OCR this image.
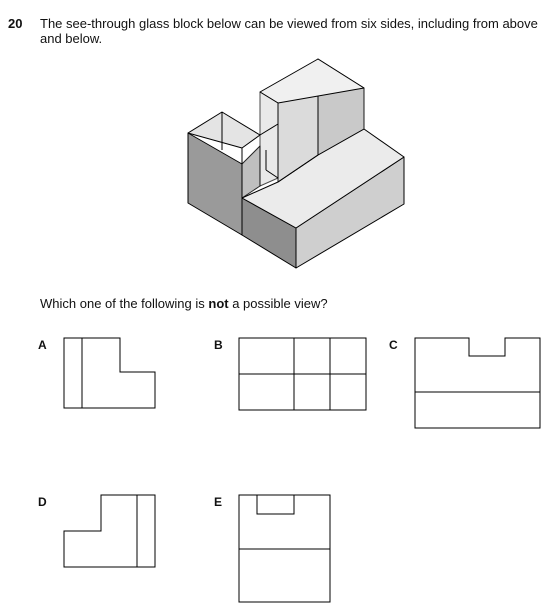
20 The see-through glass block below can be viewed from six sides, including from above and below.
Which one of the following is not a possible view?
A	B	C
D	E
